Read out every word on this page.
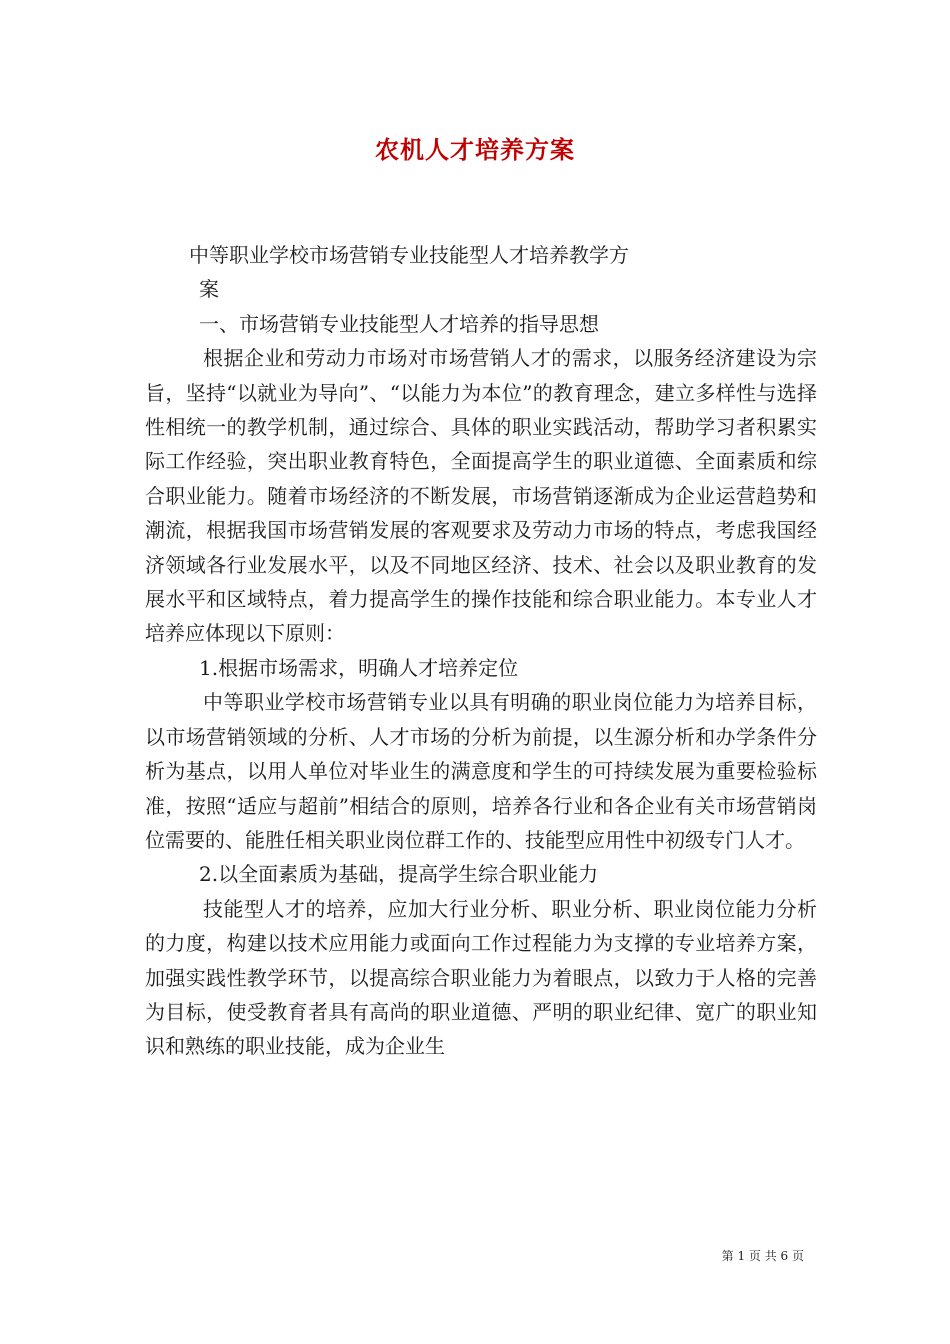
农机人才培养方案

中等职业学校市场营销专业技能型人才培养教学方

案

一、市场营销专业技能型人才培养的指导思想

根据企业和劳动力市场对市场营销人才的需求，以服务经济建设为宗旨，坚持“以就业为导向”、“以能力为本位”的教育理念，建立多样性与选择性相统一的教学机制，通过综合、具体的职业实践活动，帮助学习者积累实际工作经验，突出职业教育特色，全面提高学生的职业道德、全面素质和综合职业能力。随着市场经济的不断发展，市场营销逐渐成为企业运营趋势和潮流，根据我国市场营销发展的客观要求及劳动力市场的特点，考虑我国经济领域各行业发展水平，以及不同地区经济、技术、社会以及职业教育的发展水平和区域特点，着力提高学生的操作技能和综合职业能力。本专业人才培养应体现以下原则：

1.根据市场需求，明确人才培养定位

中等职业学校市场营销专业以具有明确的职业岗位能力为培养目标，以市场营销领域的分析、人才市场的分析为前提，以生源分析和办学条件分析为基点，以用人单位对毕业生的满意度和学生的可持续发展为重要检验标准，按照“适应与超前”相结合的原则，培养各行业和各企业有关市场营销岗位需要的、能胜任相关职业岗位群工作的、技能型应用性中初级专门人才。

2.以全面素质为基础，提高学生综合职业能力

技能型人才的培养，应加大行业分析、职业分析、职业岗位能力分析的力度，构建以技术应用能力或面向工作过程能力为支撑的专业培养方案，加强实践性教学环节，以提高综合职业能力为着眼点，以致力于人格的完善为目标，使受教育者具有高尚的职业道德、严明的职业纪律、宽广的职业知识和熟练的职业技能，成为企业生

第 1 页 共 6 页
